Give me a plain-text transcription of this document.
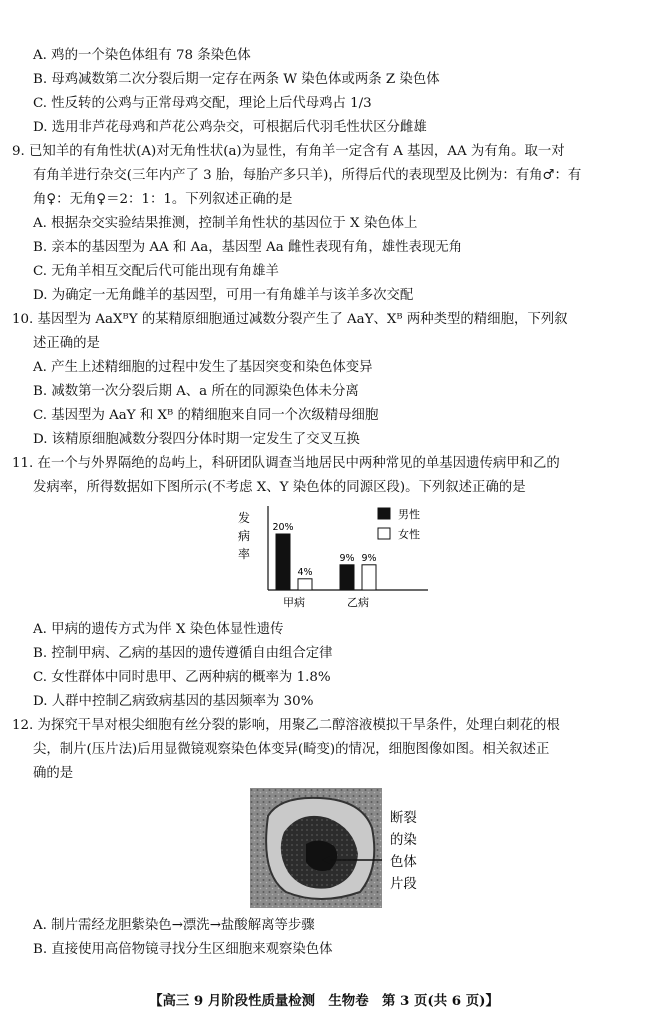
A. 鸡的一个染色体组有 78 条染色体
B. 母鸡减数第二次分裂后期一定存在两条 W 染色体或两条 Z 染色体
C. 性反转的公鸡与正常母鸡交配，理论上后代母鸡占 1/3
D. 选用非芦花母鸡和芦花公鸡杂交，可根据后代羽毛性状区分雌雄
9. 已知羊的有角性状(A)对无角性状(a)为显性，有角羊一定含有 A 基因，AA 为有角。取一对
有角羊进行杂交(三年内产了 3 胎，每胎产多只羊)，所得后代的表现型及比例为：有角♂：有
角♀：无角♀＝2：1：1。下列叙述正确的是
A. 根据杂交实验结果推测，控制羊角性状的基因位于 X 染色体上
B. 亲本的基因型为 AA 和 Aa，基因型 Aa 雌性表现有角，雄性表现无角
C. 无角羊相互交配后代可能出现有角雄羊
D. 为确定一无角雌羊的基因型，可用一有角雄羊与该羊多次交配
10. 基因型为 AaXᴮY 的某精原细胞通过减数分裂产生了 AaY、Xᴮ 两种类型的精细胞，下列叙
述正确的是
A. 产生上述精细胞的过程中发生了基因突变和染色体变异
B. 减数第一次分裂后期 A、a 所在的同源染色体未分离
C. 基因型为 AaY 和 Xᴮ 的精细胞来自同一个次级精母细胞
D. 该精原细胞减数分裂四分体时期一定发生了交叉互换
11. 在一个与外界隔绝的岛屿上，科研团队调查当地居民中两种常见的单基因遗传病甲和乙的
发病率，所得数据如下图所示(不考虑 X、Y 染色体的同源区段)。下列叙述正确的是
发
病
率
20%
4%
甲病
9% 9%
乙病
男性
女性
A. 甲病的遗传方式为伴 X 染色体显性遗传
B. 控制甲病、乙病的基因的遗传遵循自由组合定律
C. 女性群体中同时患甲、乙两种病的概率为 1.8%
D. 人群中控制乙病致病基因的基因频率为 30%
12. 为探究干旱对根尖细胞有丝分裂的影响，用聚乙二醇溶液模拟干旱条件，处理白刺花的根
尖，制片(压片法)后用显微镜观察染色体变异(畸变)的情况，细胞图像如图。相关叙述正
确的是
断裂
的染
色体
片段
A. 制片需经龙胆紫染色→漂洗→盐酸解离等步骤
B. 直接使用高倍物镜寻找分生区细胞来观察染色体
【高三 9 月阶段性质量检测　生物卷　第 3 页(共 6 页)】
